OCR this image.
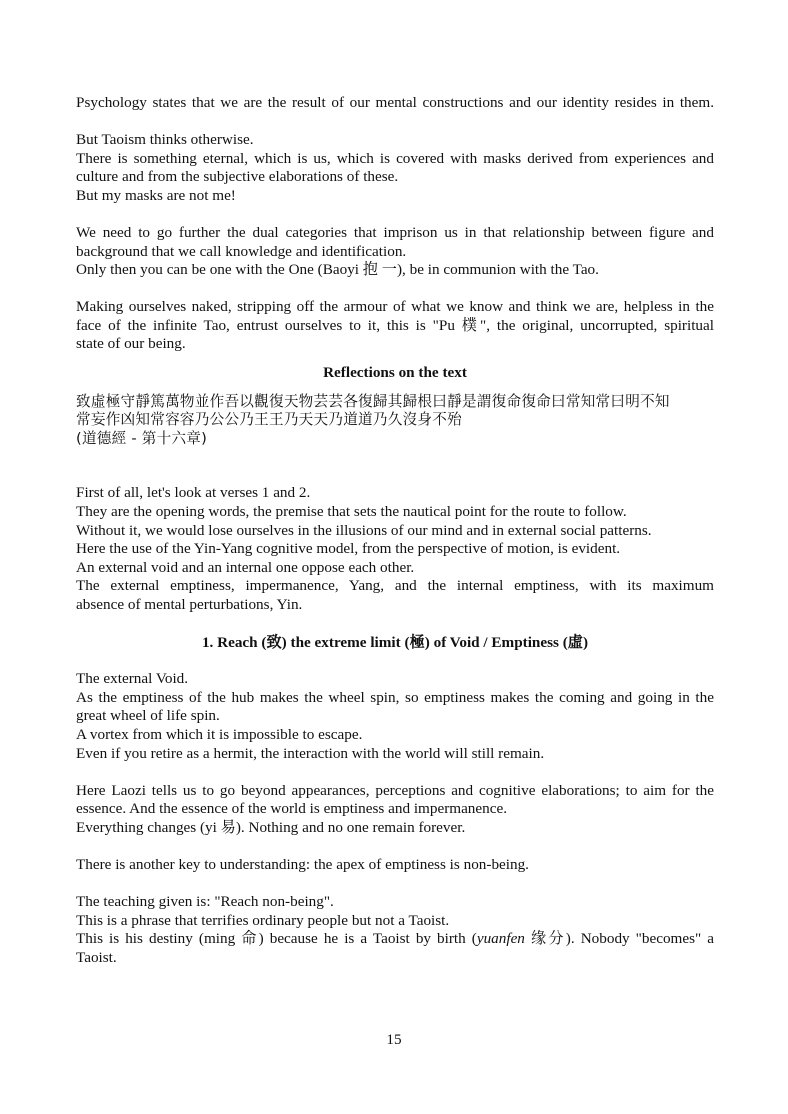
Psychology states that we are the result of our mental constructions and our identity resides in them.
But Taoism thinks otherwise.
There is something eternal, which is us, which is covered with masks derived from experiences and
culture and from the subjective elaborations of these.
But my masks are not me!
We need to go further the dual categories that imprison us in that relationship between figure and
background that we call knowledge and identification.
Only then you can be one with the One (Baoyi 抱 一), be in communion with the Tao.
Making ourselves naked, stripping off the armour of what we know and think we are, helpless in the
face of the infinite Tao, entrust ourselves to it, this is "Pu 樸", the original, uncorrupted, spiritual
state of our being.
Reflections on the text
致虛極守靜篤萬物並作吾以觀復天物芸芸各復歸其歸根曰靜是謂復命復命曰常知常曰明不知
常妄作凶知常容容乃公公乃王王乃天天乃道道乃久沒身不殆
(道德經 - 第十六章)
First of all, let's look at verses 1 and 2.
They are the opening words, the premise that sets the nautical point for the route to follow.
Without it, we would lose ourselves in the illusions of our mind and in external social patterns.
Here the use of the Yin-Yang cognitive model, from the perspective of motion, is evident.
An external void and an internal one oppose each other.
The external emptiness, impermanence, Yang, and the internal emptiness, with its maximum
absence of mental perturbations, Yin.
1. Reach (致) the extreme limit (極) of Void / Emptiness (虛)
The external Void.
As the emptiness of the hub makes the wheel spin, so emptiness makes the coming and going in the
great wheel of life spin.
A vortex from which it is impossible to escape.
Even if you retire as a hermit, the interaction with the world will still remain.
Here Laozi tells us to go beyond appearances, perceptions and cognitive elaborations; to aim for the
essence. And the essence of the world is emptiness and impermanence.
Everything changes (yi 易). Nothing and no one remain forever.
There is another key to understanding: the apex of emptiness is non-being.
The teaching given is: "Reach non-being".
This is a phrase that terrifies ordinary people but not a Taoist.
This is his destiny (ming 命) because he is a Taoist by birth (yuanfen 缘分). Nobody "becomes" a
Taoist.
15
